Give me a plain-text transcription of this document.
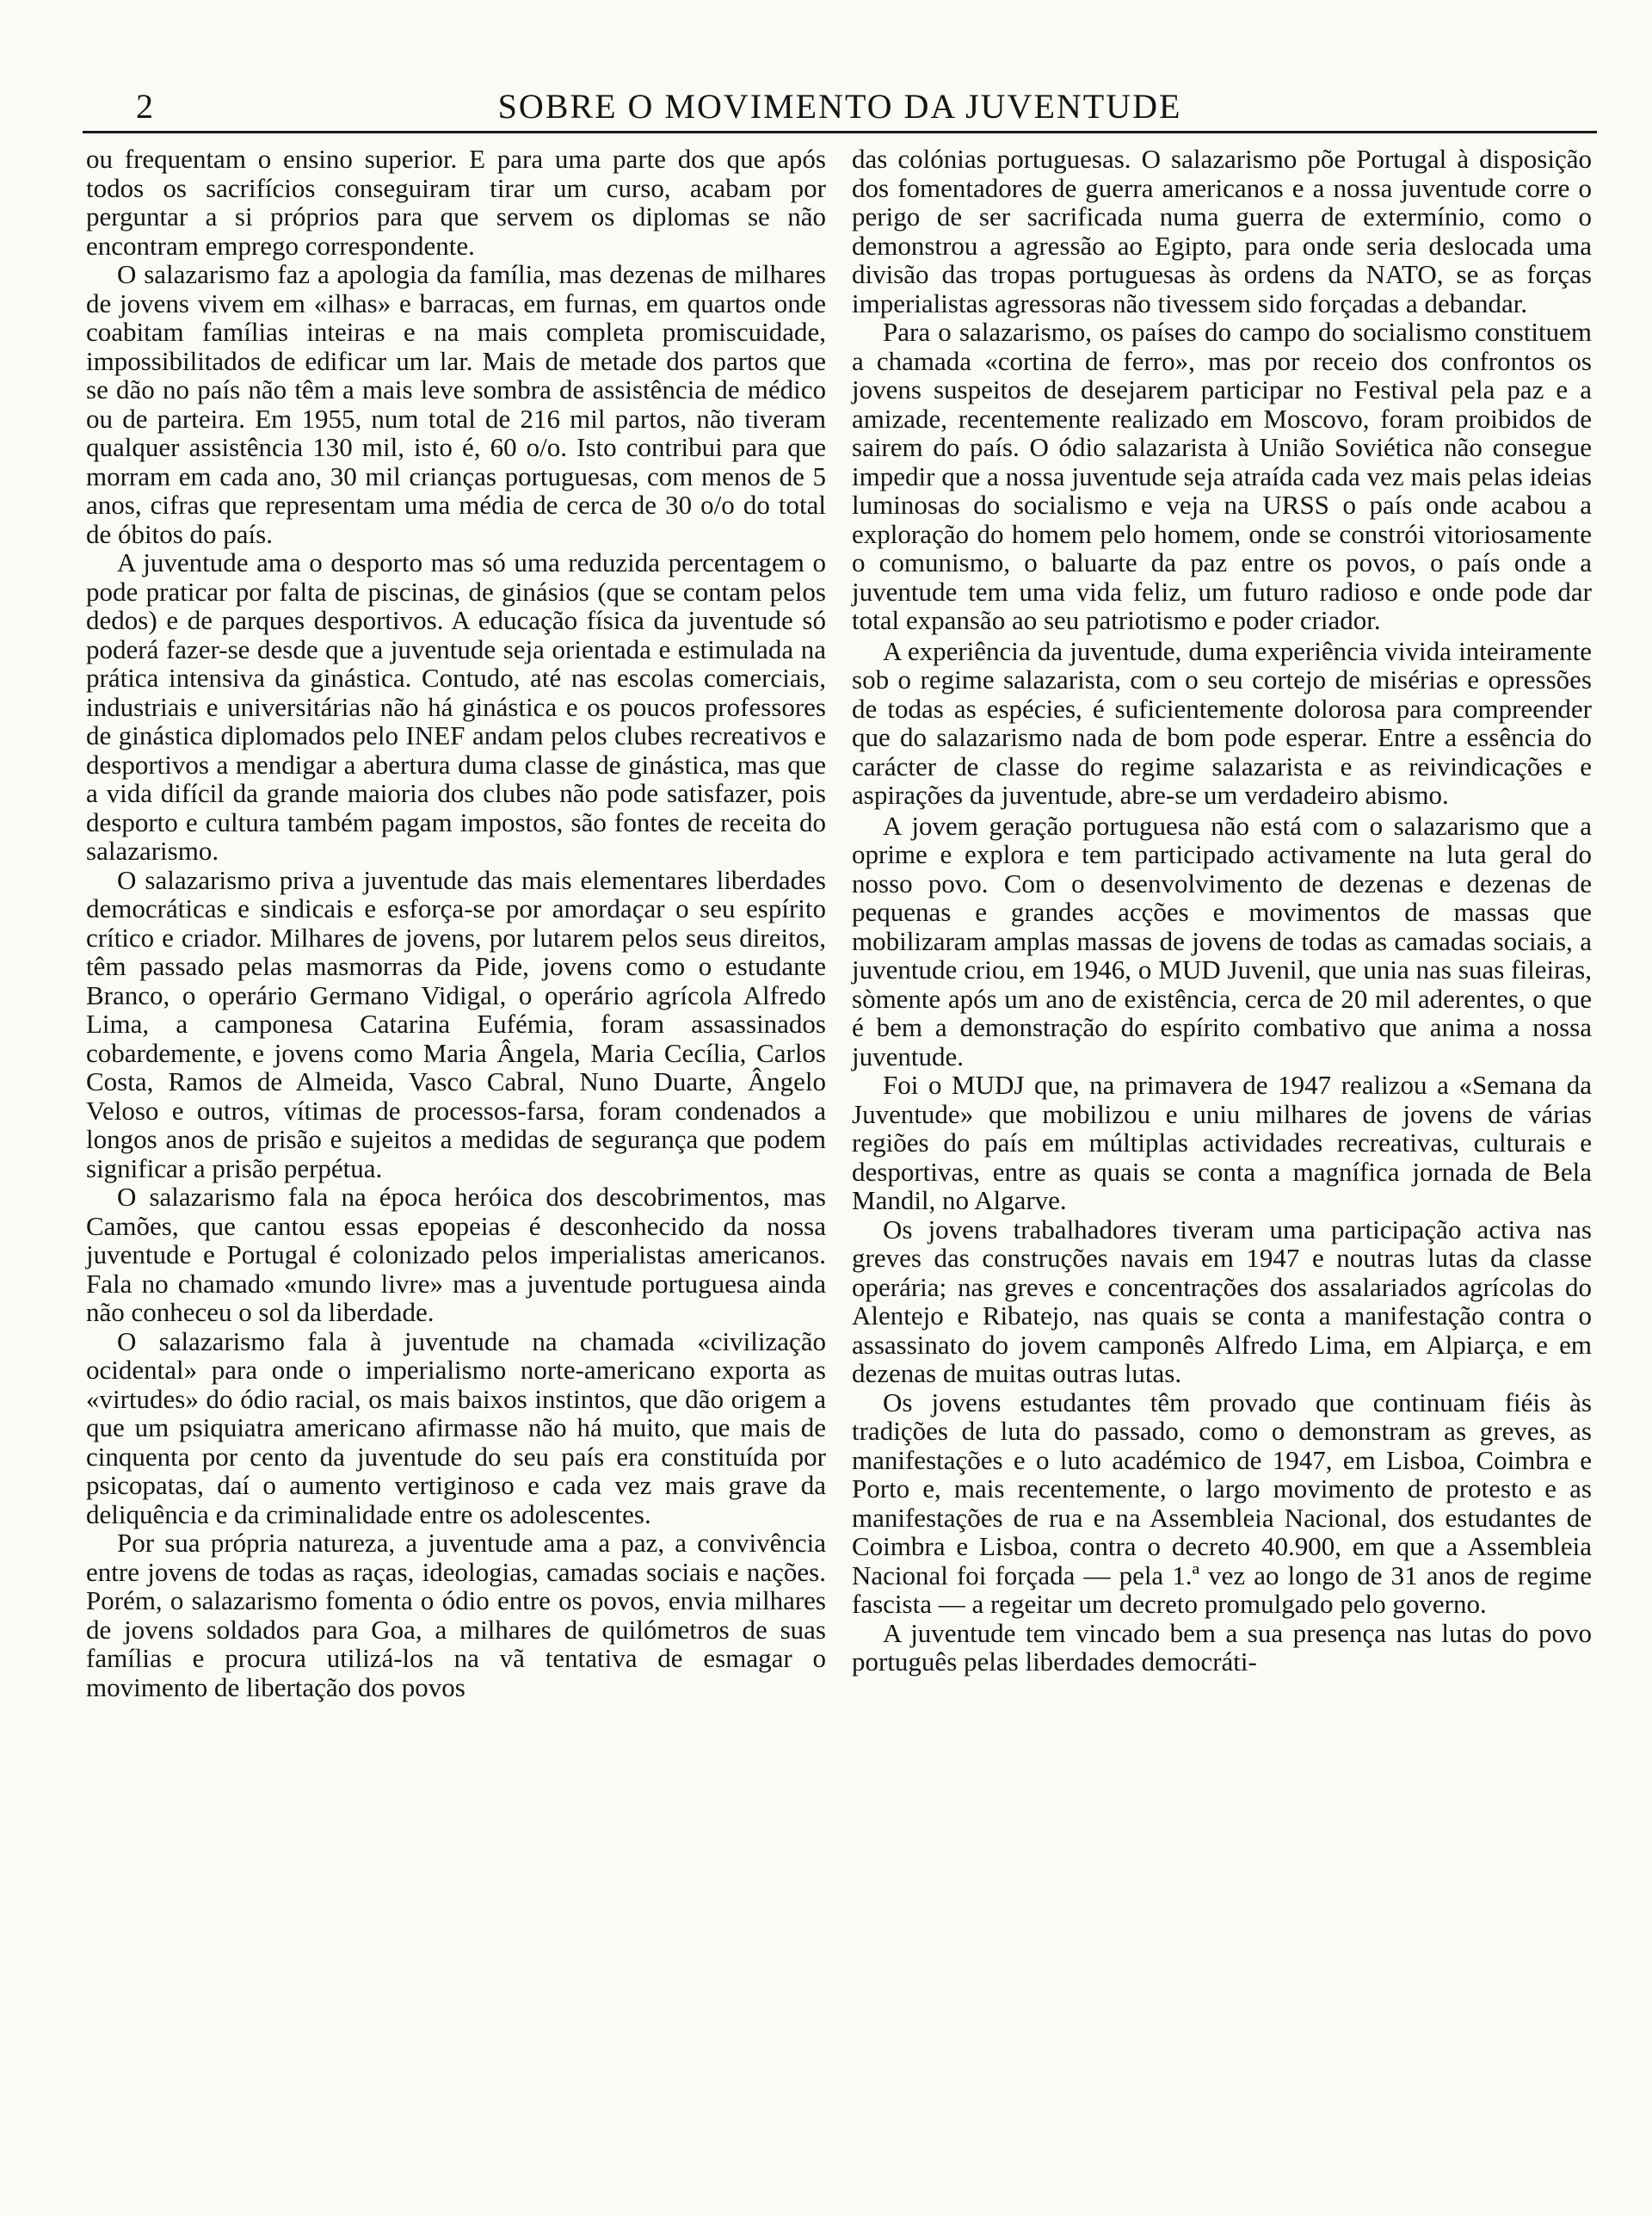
2	SOBRE O MOVIMENTO DA JUVENTUDE

ou frequentam o ensino superior. E para uma parte dos que após todos os sacrifícios conseguiram tirar um curso, acabam por perguntar a si próprios para que servem os diplomas se não encontram emprego correspondente.

O salazarismo faz a apologia da família, mas dezenas de milhares de jovens vivem em «ilhas» e barracas, em furnas, em quartos onde coabitam famílias inteiras e na mais completa promiscuidade, impossibilitados de edificar um lar. Mais de metade dos partos que se dão no país não têm a mais leve sombra de assistência de médico ou de parteira. Em 1955, num total de 216 mil partos, não tiveram qualquer assistência 130 mil, isto é, 60 o/o. Isto contribui para que morram em cada ano, 30 mil crianças portuguesas, com menos de 5 anos, cifras que representam uma média de cerca de 30 o/o do total de óbitos do país.

A juventude ama o desporto mas só uma reduzida percentagem o pode praticar por falta de piscinas, de ginásios (que se contam pelos dedos) e de parques desportivos. A educação física da juventude só poderá fazer-se desde que a juventude seja orientada e estimulada na prática intensiva da ginástica. Contudo, até nas escolas comerciais, industriais e universitárias não há ginástica e os poucos professores de ginástica diplomados pelo INEF andam pelos clubes recreativos e desportivos a mendigar a abertura duma classe de ginástica, mas que a vida difícil da grande maioria dos clubes não pode satisfazer, pois desporto e cultura também pagam impostos, são fontes de receita do salazarismo.

O salazarismo priva a juventude das mais elementares liberdades democráticas e sindicais e esforça-se por amordaçar o seu espírito crítico e criador. Milhares de jovens, por lutarem pelos seus direitos, têm passado pelas masmorras da Pide, jovens como o estudante Branco, o operário Germano Vidigal, o operário agrícola Alfredo Lima, a camponesa Catarina Eufémia, foram assassinados cobardemente, e jovens como Maria Ângela, Maria Cecília, Carlos Costa, Ramos de Almeida, Vasco Cabral, Nuno Duarte, Ângelo Veloso e outros, vítimas de processos-farsa, foram condenados a longos anos de prisão e sujeitos a medidas de segurança que podem significar a prisão perpétua.

O salazarismo fala na época heróica dos descobrimentos, mas Camões, que cantou essas epopeias é desconhecido da nossa juventude e Portugal é colonizado pelos imperialistas americanos. Fala no chamado «mundo livre» mas a juventude portuguesa ainda não conheceu o sol da liberdade.

O salazarismo fala à juventude na chamada «civilização ocidental» para onde o imperialismo norte-americano exporta as «virtudes» do ódio racial, os mais baixos instintos, que dão origem a que um psiquiatra americano afirmasse não há muito, que mais de cinquenta por cento da juventude do seu país era constituída por psicopatas, daí o aumento vertiginoso e cada vez mais grave da deliquência e da criminalidade entre os adolescentes.

Por sua própria natureza, a juventude ama a paz, a convivência entre jovens de todas as raças, ideologias, camadas sociais e nações. Porém, o salazarismo fomenta o ódio entre os povos, envia milhares de jovens soldados para Goa, a milhares de quilómetros de suas famílias e procura utilizá-los na vã tentativa de esmagar o movimento de libertação dos povos

das colónias portuguesas. O salazarismo põe Portugal à disposição dos fomentadores de guerra americanos e a nossa juventude corre o perigo de ser sacrificada numa guerra de extermínio, como o demonstrou a agressão ao Egipto, para onde seria deslocada uma divisão das tropas portuguesas às ordens da NATO, se as forças imperialistas agressoras não tivessem sido forçadas a debandar.

Para o salazarismo, os países do campo do socialismo constituem a chamada «cortina de ferro», mas por receio dos confrontos os jovens suspeitos de desejarem participar no Festival pela paz e a amizade, recentemente realizado em Moscovo, foram proibidos de sairem do país. O ódio salazarista à União Soviética não consegue impedir que a nossa juventude seja atraída cada vez mais pelas ideias luminosas do socialismo e veja na URSS o país onde acabou a exploração do homem pelo homem, onde se constrói vitoriosamente o comunismo, o baluarte da paz entre os povos, o país onde a juventude tem uma vida feliz, um futuro radioso e onde pode dar total expansão ao seu patriotismo e poder criador.

A experiência da juventude, duma experiência vivida inteiramente sob o regime salazarista, com o seu cortejo de misérias e opressões de todas as espécies, é suficientemente dolorosa para compreender que do salazarismo nada de bom pode esperar. Entre a essência do carácter de classe do regime salazarista e as reivindicações e aspirações da juventude, abre-se um verdadeiro abismo.

A jovem geração portuguesa não está com o salazarismo que a oprime e explora e tem participado activamente na luta geral do nosso povo. Com o desenvolvimento de dezenas e dezenas de pequenas e grandes acções e movimentos de massas que mobilizaram amplas massas de jovens de todas as camadas sociais, a juventude criou, em 1946, o MUD Juvenil, que unia nas suas fileiras, sòmente após um ano de existência, cerca de 20 mil aderentes, o que é bem a demonstração do espírito combativo que anima a nossa juventude.

Foi o MUDJ que, na primavera de 1947 realizou a «Semana da Juventude» que mobilizou e uniu milhares de jovens de várias regiões do país em múltiplas actividades recreativas, culturais e desportivas, entre as quais se conta a magnífica jornada de Bela Mandil, no Algarve.

Os jovens trabalhadores tiveram uma participação activa nas greves das construções navais em 1947 e noutras lutas da classe operária; nas greves e concentrações dos assalariados agrícolas do Alentejo e Ribatejo, nas quais se conta a manifestação contra o assassinato do jovem camponês Alfredo Lima, em Alpiarça, e em dezenas de muitas outras lutas.

Os jovens estudantes têm provado que continuam fiéis às tradições de luta do passado, como o demonstram as greves, as manifestações e o luto académico de 1947, em Lisboa, Coimbra e Porto e, mais recentemente, o largo movimento de protesto e as manifestações de rua e na Assembleia Nacional, dos estudantes de Coimbra e Lisboa, contra o decreto 40.900, em que a Assembleia Nacional foi forçada — pela 1.ª vez ao longo de 31 anos de regime fascista — a regeitar um decreto promulgado pelo governo.

A juventude tem vincado bem a sua presença nas lutas do povo português pelas liberdades democráti-
